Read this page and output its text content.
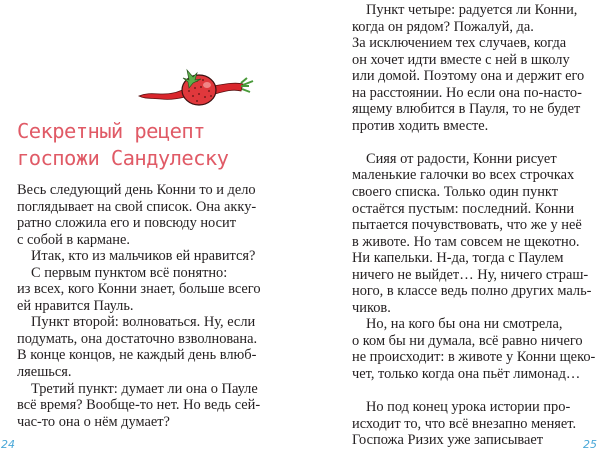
Секретный рецепт
госпожи Сандулеску
Весь следующий день Конни то и дело
поглядывает на свой список. Она акку-
ратно сложила его и повсюду носит
с собой в кармане.
Итак, кто из мальчиков ей нравится?
С первым пунктом всё понятно:
из всех, кого Конни знает, больше всего
ей нравится Пауль.
Пункт второй: волноваться. Ну, если
подумать, она достаточно взволнована.
В конце концов, не каждый день влюб-
ляешься.
Третий пункт: думает ли она о Пауле
всё время? Вообще-то нет. Но ведь сей-
час-то она о нём думает?
24
Пункт четыре: радуется ли Конни,
когда он рядом? Пожалуй, да.
За исключением тех случаев, когда
он хочет идти вместе с ней в школу
или домой. Поэтому она и держит его
на расстоянии. Но если она по-насто-
ящему влюбится в Пауля, то не будет
против ходить вместе.
Сияя от радости, Конни рисует
маленькие галочки во всех строчках
своего списка. Только один пункт
остаётся пустым: последний. Конни
пытается почувствовать, что же у неё
в животе. Но там совсем не щекотно.
Ни капельки. Н-да, тогда с Паулем
ничего не выйдет… Ну, ничего страш-
ного, в классе ведь полно других маль-
чиков.
Но, на кого бы она ни смотрела,
о ком бы ни думала, всё равно ничего
не происходит: в животе у Конни щеко-
чет, только когда она пьёт лимонад…
Но под конец урока истории про-
исходит то, что всё внезапно меняет.
Госпожа Ризих уже записывает	25
